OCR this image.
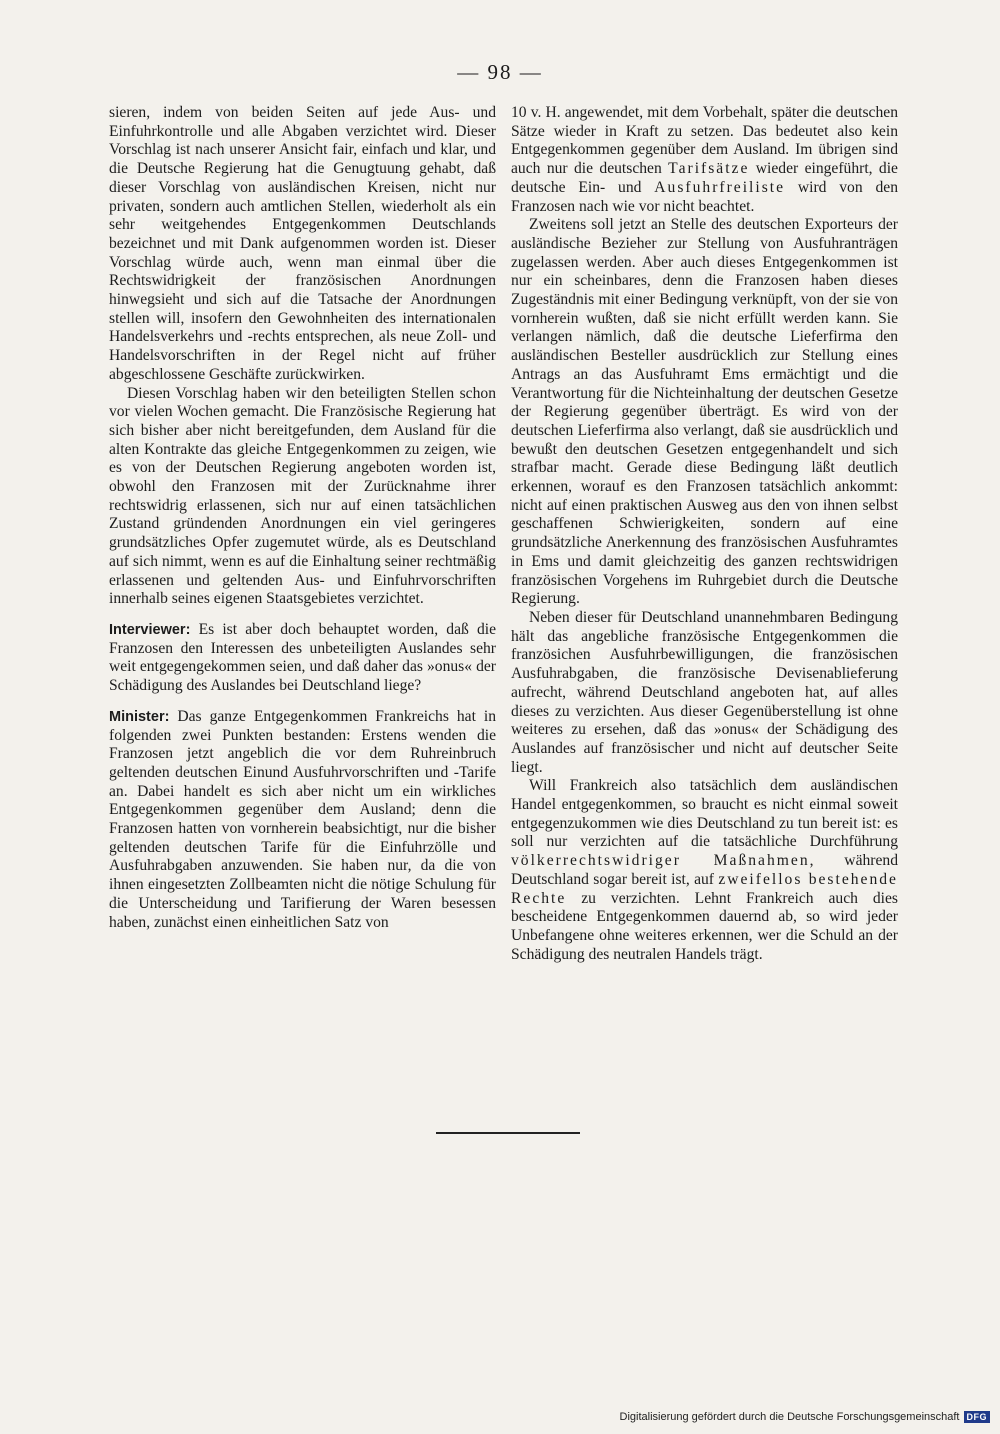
— 98 —

sieren, indem von beiden Seiten auf jede Aus- und Einfuhrkontrolle und alle Abgaben verzichtet wird. Dieser Vorschlag ist nach unserer Ansicht fair, einfach und klar, und die Deutsche Regierung hat die Genugtuung gehabt, daß dieser Vorschlag von ausländischen Kreisen, nicht nur privaten, sondern auch amtlichen Stellen, wiederholt als ein sehr weitgehendes Entgegenkommen Deutschlands bezeichnet und mit Dank aufgenommen worden ist. Dieser Vorschlag würde auch, wenn man einmal über die Rechtswidrigkeit der französischen Anordnungen hinwegsieht und sich auf die Tatsache der Anordnungen stellen will, insofern den Gewohnheiten des internationalen Handelsverkehrs und -rechts entsprechen, als neue Zoll- und Handelsvorschriften in der Regel nicht auf früher abgeschlossene Geschäfte zurückwirken.

Diesen Vorschlag haben wir den beteiligten Stellen schon vor vielen Wochen gemacht. Die Französische Regierung hat sich bisher aber nicht bereitgefunden, dem Ausland für die alten Kontrakte das gleiche Entgegenkommen zu zeigen, wie es von der Deutschen Regierung angeboten worden ist, obwohl den Franzosen mit der Zurücknahme ihrer rechtswidrig erlassenen, sich nur auf einen tatsächlichen Zustand gründenden Anordnungen ein viel geringeres grundsätzliches Opfer zugemutet würde, als es Deutschland auf sich nimmt, wenn es auf die Einhaltung seiner rechtmäßig erlassenen und geltenden Aus- und Einfuhrvorschriften innerhalb seines eigenen Staatsgebietes verzichtet.

Interviewer: Es ist aber doch behauptet worden, daß die Franzosen den Interessen des unbeteiligten Auslandes sehr weit entgegengekommen seien, und daß daher das »onus« der Schädigung des Auslandes bei Deutschland liege?

Minister: Das ganze Entgegenkommen Frankreichs hat in folgenden zwei Punkten bestanden: Erstens wenden die Franzosen jetzt angeblich die vor dem Ruhreinbruch geltenden deutschen Einund Ausfuhrvorschriften und -Tarife an. Dabei handelt es sich aber nicht um ein wirkliches Entgegenkommen gegenüber dem Ausland; denn die Franzosen hatten von vornherein beabsichtigt, nur die bisher geltenden deutschen Tarife für die Einfuhrzölle und Ausfuhrabgaben anzuwenden. Sie haben nur, da die von ihnen eingesetzten Zollbeamten nicht die nötige Schulung für die Unterscheidung und Tarifierung der Waren besessen haben, zunächst einen einheitlichen Satz von

10 v. H. angewendet, mit dem Vorbehalt, später die deutschen Sätze wieder in Kraft zu setzen. Das bedeutet also kein Entgegenkommen gegenüber dem Ausland. Im übrigen sind auch nur die deutschen Tarifsätze wieder eingeführt, die deutsche Ein- und Ausfuhrfreiliste wird von den Franzosen nach wie vor nicht beachtet.

Zweitens soll jetzt an Stelle des deutschen Exporteurs der ausländische Bezieher zur Stellung von Ausfuhranträgen zugelassen werden. Aber auch dieses Entgegenkommen ist nur ein scheinbares, denn die Franzosen haben dieses Zugeständnis mit einer Bedingung verknüpft, von der sie von vornherein wußten, daß sie nicht erfüllt werden kann. Sie verlangen nämlich, daß die deutsche Lieferfirma den ausländischen Besteller ausdrücklich zur Stellung eines Antrags an das Ausfuhramt Ems ermächtigt und die Verantwortung für die Nichteinhaltung der deutschen Gesetze der Regierung gegenüber überträgt. Es wird von der deutschen Lieferfirma also verlangt, daß sie ausdrücklich und bewußt den deutschen Gesetzen entgegenhandelt und sich strafbar macht. Gerade diese Bedingung läßt deutlich erkennen, worauf es den Franzosen tatsächlich ankommt: nicht auf einen praktischen Ausweg aus den von ihnen selbst geschaffenen Schwierigkeiten, sondern auf eine grundsätzliche Anerkennung des französischen Ausfuhramtes in Ems und damit gleichzeitig des ganzen rechtswidrigen französischen Vorgehens im Ruhrgebiet durch die Deutsche Regierung.

Neben dieser für Deutschland unannehmbaren Bedingung hält das angebliche französische Entgegenkommen die französichen Ausfuhrbewilligungen, die französischen Ausfuhrabgaben, die französische Devisenablieferung aufrecht, während Deutschland angeboten hat, auf alles dieses zu verzichten. Aus dieser Gegenüberstellung ist ohne weiteres zu ersehen, daß das »onus« der Schädigung des Auslandes auf französischer und nicht auf deutscher Seite liegt.

Will Frankreich also tatsächlich dem ausländischen Handel entgegenkommen, so braucht es nicht einmal soweit entgegenzukommen wie dies Deutschland zu tun bereit ist: es soll nur verzichten auf die tatsächliche Durchführung völkerrechtswidriger Maßnahmen, während Deutschland sogar bereit ist, auf zweifellos bestehende Rechte zu verzichten. Lehnt Frankreich auch dies bescheidene Entgegenkommen dauernd ab, so wird jeder Unbefangene ohne weiteres erkennen, wer die Schuld an der Schädigung des neutralen Handels trägt.

Digitalisierung gefördert durch die Deutsche Forschungsgemeinschaft DFG
